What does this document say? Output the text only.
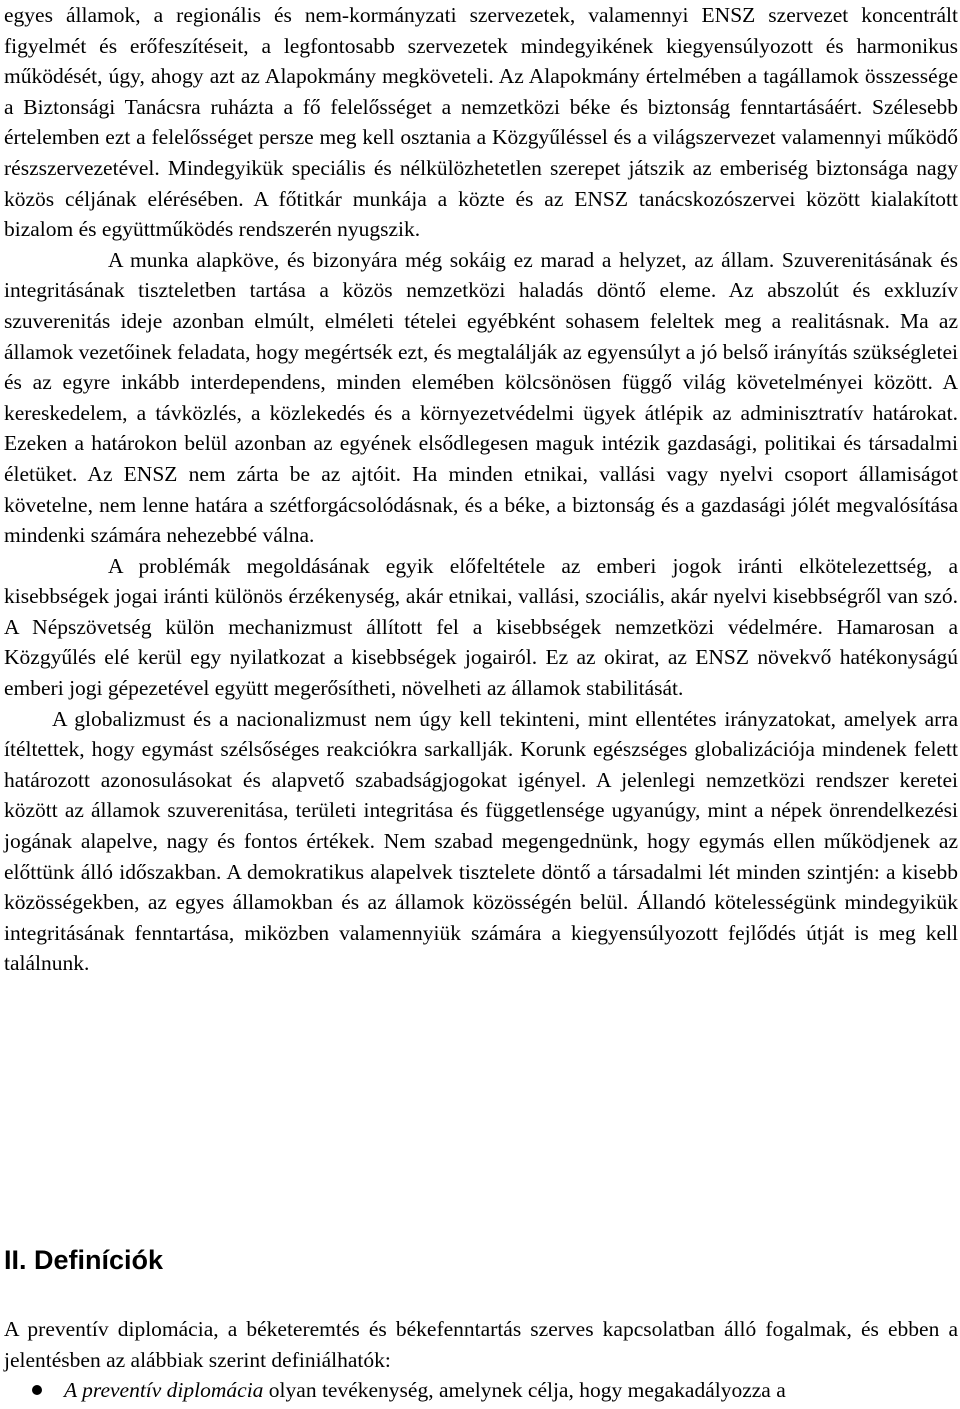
egyes államok, a regionális és nem-kormányzati szervezetek, valamennyi ENSZ szervezet koncentrált figyelmét és erőfeszítéseit, a legfontosabb szervezetek mindegyikének kiegyensúlyozott és harmonikus működését, úgy, ahogy azt az Alapokmány megköveteli. Az Alapokmány értelmében a tagállamok összessége a Biztonsági Tanácsra ruházta a fő felelősséget a nemzetközi béke és biztonság fenntartásáért. Szélesebb értelemben ezt a felelősséget persze meg kell osztania a Közgyűléssel és a világszervezet valamennyi működő részszervezetével. Mindegyikük speciális és nélkülözhetetlen szerepet játszik az emberiség biztonsága nagy közös céljának elérésében. A főtitkár munkája a közte és az ENSZ tanácskozószervei között kialakított bizalom és együttműködés rendszerén nyugszik.

A munka alapköve, és bizonyára még sokáig ez marad a helyzet, az állam. Szuverenitásának és integritásának tiszteletben tartása a közös nemzetközi haladás döntő eleme. Az abszolút és exkluzív szuverenitás ideje azonban elmúlt, elméleti tételei egyébként sohasem feleltek meg a realitásnak. Ma az államok vezetőinek feladata, hogy megértsék ezt, és megtalálják az egyensúlyt a jó belső irányítás szükségletei és az egyre inkább interdependens, minden elemében kölcsönösen függő világ követelményei között. A kereskedelem, a távközlés, a közlekedés és a környezetvédelmi ügyek átlépik az adminisztratív határokat. Ezeken a határokon belül azonban az egyének elsődlegesen maguk intézik gazdasági, politikai és társadalmi életüket. Az ENSZ nem zárta be az ajtóit. Ha minden etnikai, vallási vagy nyelvi csoport államiságot követelne, nem lenne határa a szétforgácsolódásnak, és a béke, a biztonság és a gazdasági jólét megvalósítása mindenki számára nehezebbé válna.

A problémák megoldásának egyik előfeltétele az emberi jogok iránti elkötelezettség, a kisebbségek jogai iránti különös érzékenység, akár etnikai, vallási, szociális, akár nyelvi kisebbségről van szó. A Népszövetség külön mechanizmust állított fel a kisebbségek nemzetközi védelmére. Hamarosan a Közgyűlés elé kerül egy nyilatkozat a kisebbségek jogairól. Ez az okirat, az ENSZ növekvő hatékonyságú emberi jogi gépezetével együtt megerősítheti, növelheti az államok stabilitását.

A globalizmust és a nacionalizmust nem úgy kell tekinteni, mint ellentétes irányzatokat, amelyek arra ítéltettek, hogy egymást szélsőséges reakciókra sarkallják. Korunk egészséges globalizációja mindenek felett határozott azonosulásokat és alapvető szabadságjogokat igényel. A jelenlegi nemzetközi rendszer keretei között az államok szuverenitása, területi integritása és függetlensége ugyanúgy, mint a népek önrendelkezési jogának alapelve, nagy és fontos értékek. Nem szabad megengednünk, hogy egymás ellen működjenek az előttünk álló időszakban. A demokratikus alapelvek tisztelete döntő a társadalmi lét minden szintjén: a kisebb közösségekben, az egyes államokban és az államok közösségén belül. Állandó kötelességünk mindegyikük integritásának fenntartása, miközben valamennyiük számára a kiegyensúlyozott fejlődés útját is meg kell találnunk.

II. Definíciók

A preventív diplomácia, a béketeremtés és békefenntartás szerves kapcsolatban álló fogalmak, és ebben a jelentésben az alábbiak szerint definiálhatók:

A preventív diplomácia olyan tevékenység, amelynek célja, hogy megakadályozza a
